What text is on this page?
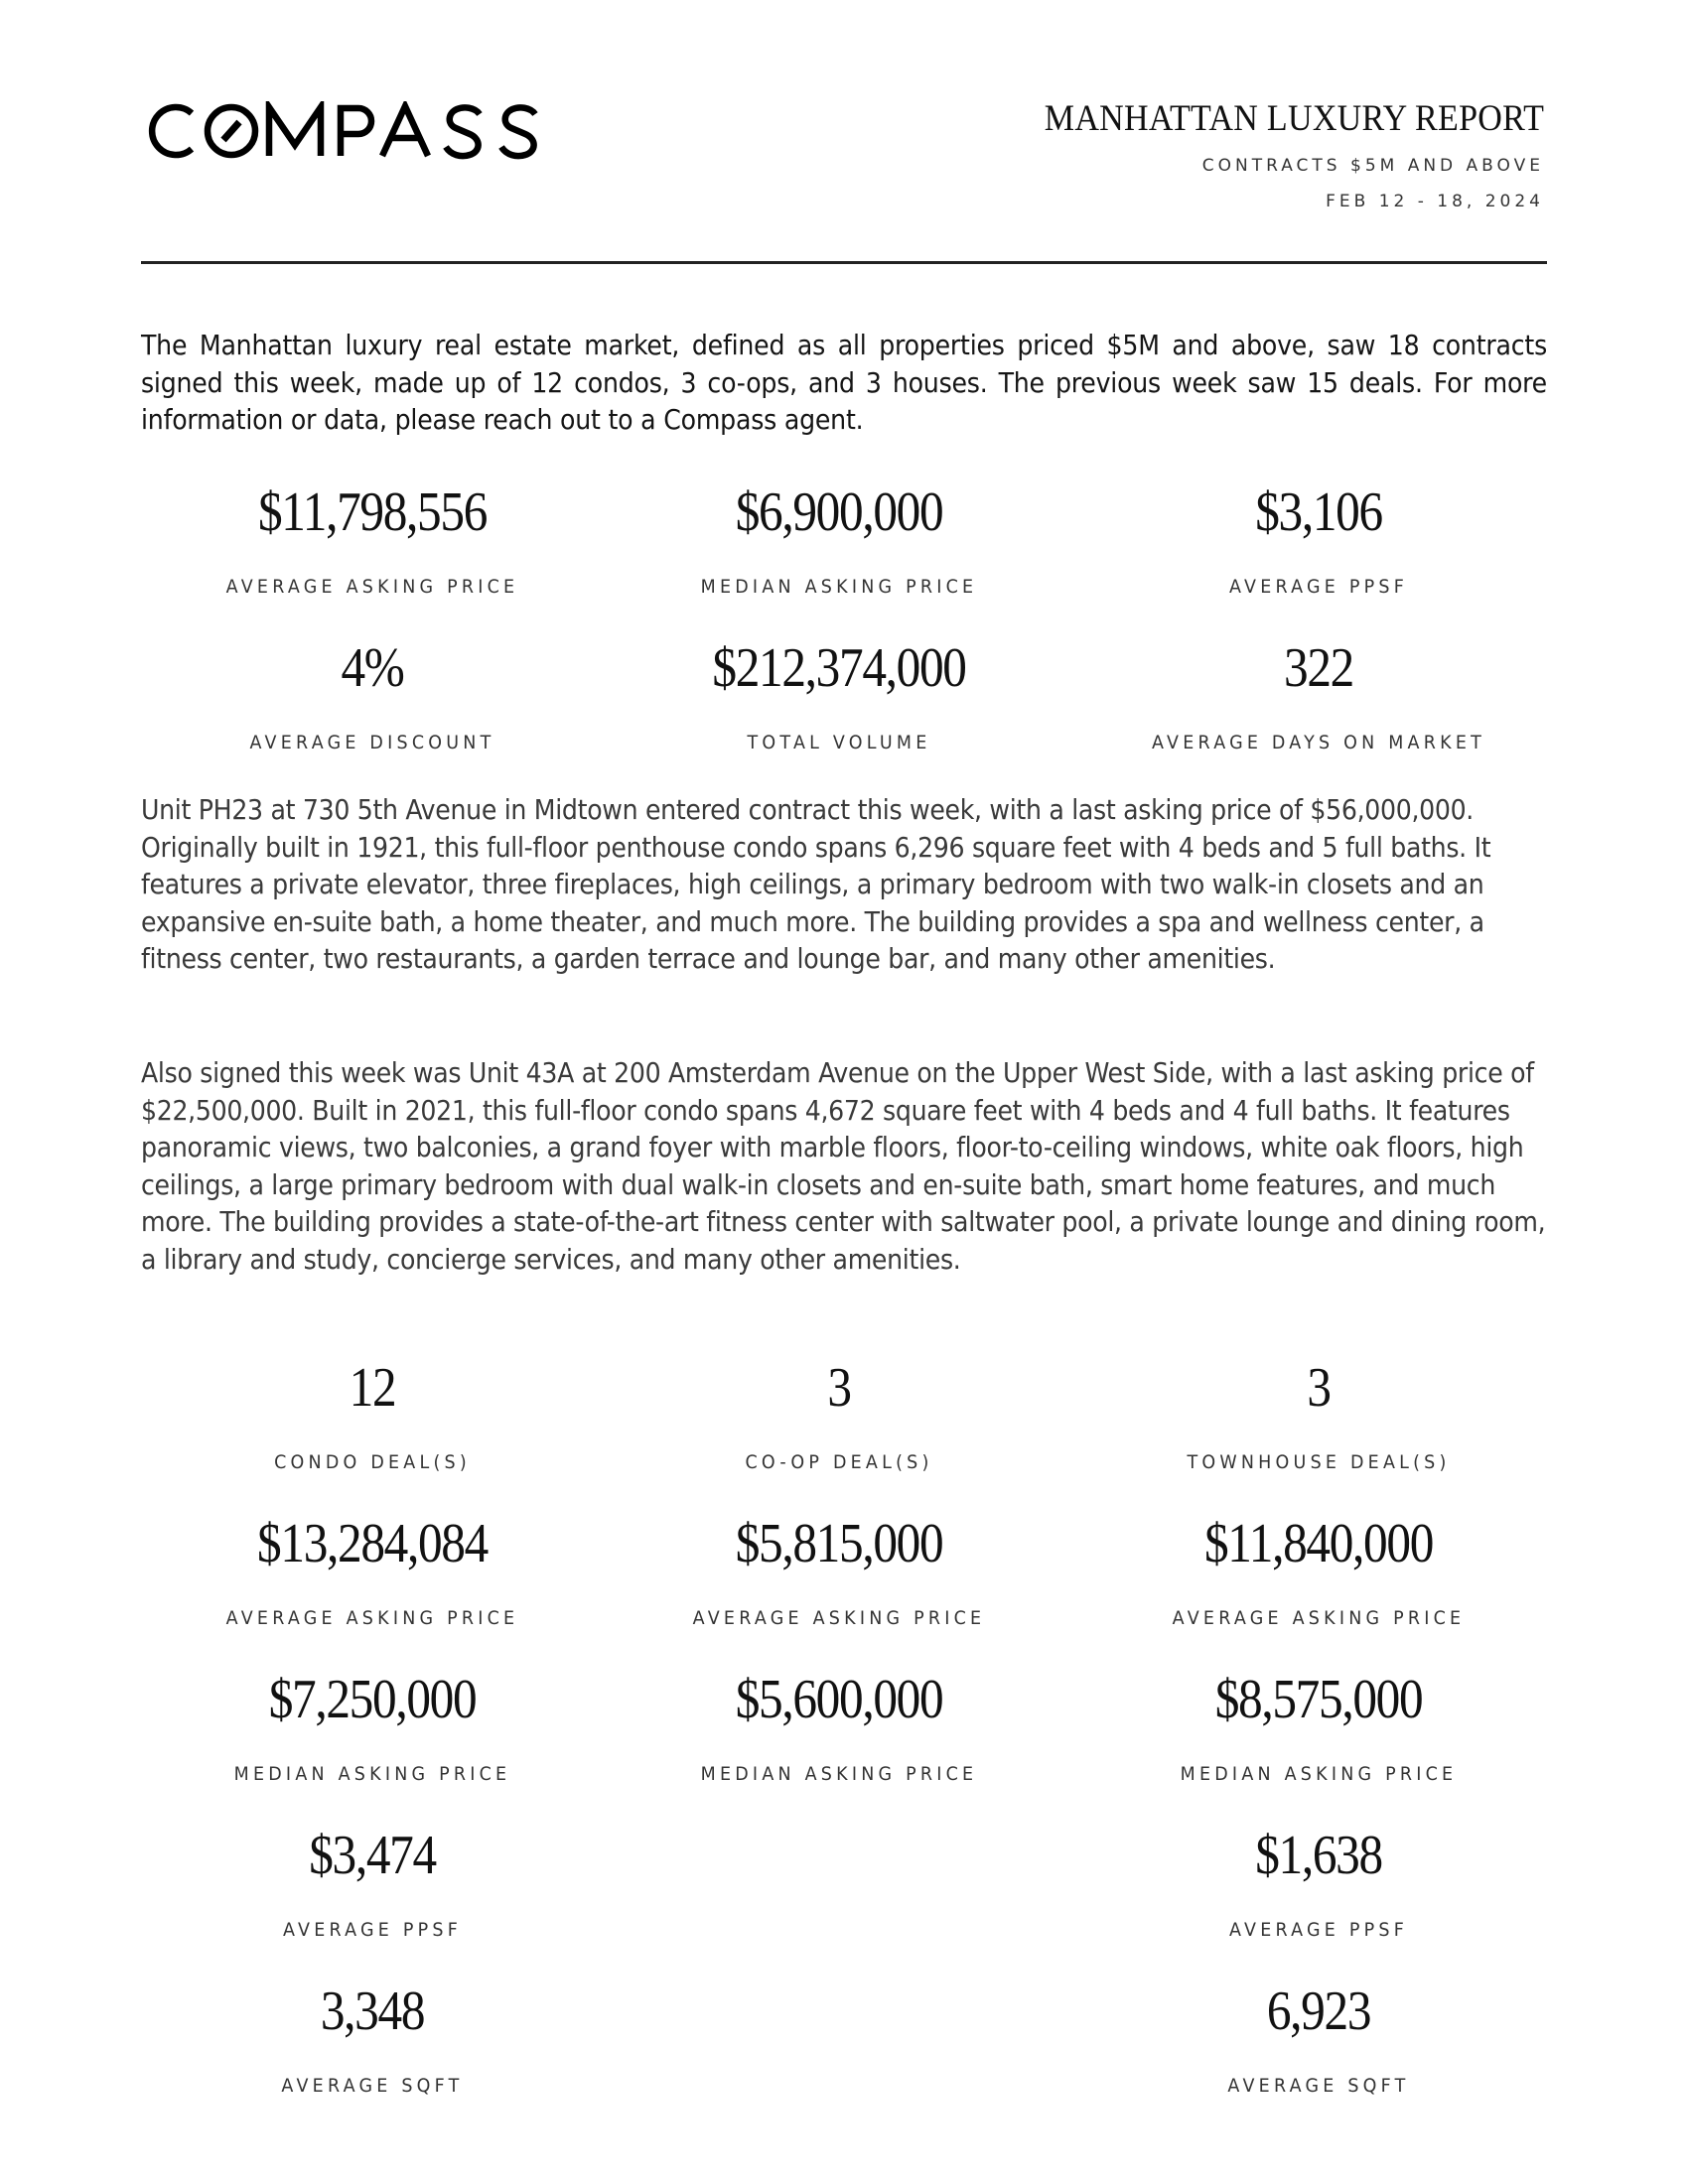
MANHATTAN LUXURY REPORT
CONTRACTS $5M AND ABOVE
FEB 12 - 18, 2024

The Manhattan luxury real estate market, defined as all properties priced $5M and above, saw 18 contracts signed this week, made up of 12 condos, 3 co-ops, and 3 houses. The previous week saw 15 deals. For more information or data, please reach out to a Compass agent.

$11,798,556
AVERAGE ASKING PRICE
$6,900,000
MEDIAN ASKING PRICE
$3,106
AVERAGE PPSF
4%
AVERAGE DISCOUNT
$212,374,000
TOTAL VOLUME
322
AVERAGE DAYS ON MARKET

Unit PH23 at 730 5th Avenue in Midtown entered contract this week, with a last asking price of $56,000,000. Originally built in 1921, this full-floor penthouse condo spans 6,296 square feet with 4 beds and 5 full baths. It features a private elevator, three fireplaces, high ceilings, a primary bedroom with two walk-in closets and an expansive en-suite bath, a home theater, and much more. The building provides a spa and wellness center, a fitness center, two restaurants, a garden terrace and lounge bar, and many other amenities.

Also signed this week was Unit 43A at 200 Amsterdam Avenue on the Upper West Side, with a last asking price of $22,500,000. Built in 2021, this full-floor condo spans 4,672 square feet with 4 beds and 4 full baths. It features panoramic views, two balconies, a grand foyer with marble floors, floor-to-ceiling windows, white oak floors, high ceilings, a large primary bedroom with dual walk-in closets and en-suite bath, smart home features, and much more. The building provides a state-of-the-art fitness center with saltwater pool, a private lounge and dining room, a library and study, concierge services, and many other amenities.

12
CONDO DEAL(S)
$13,284,084
AVERAGE ASKING PRICE
$7,250,000
MEDIAN ASKING PRICE
$3,474
AVERAGE PPSF
3,348
AVERAGE SQFT
3
CO-OP DEAL(S)
$5,815,000
AVERAGE ASKING PRICE
$5,600,000
MEDIAN ASKING PRICE
3
TOWNHOUSE DEAL(S)
$11,840,000
AVERAGE ASKING PRICE
$8,575,000
MEDIAN ASKING PRICE
$1,638
AVERAGE PPSF
6,923
AVERAGE SQFT
